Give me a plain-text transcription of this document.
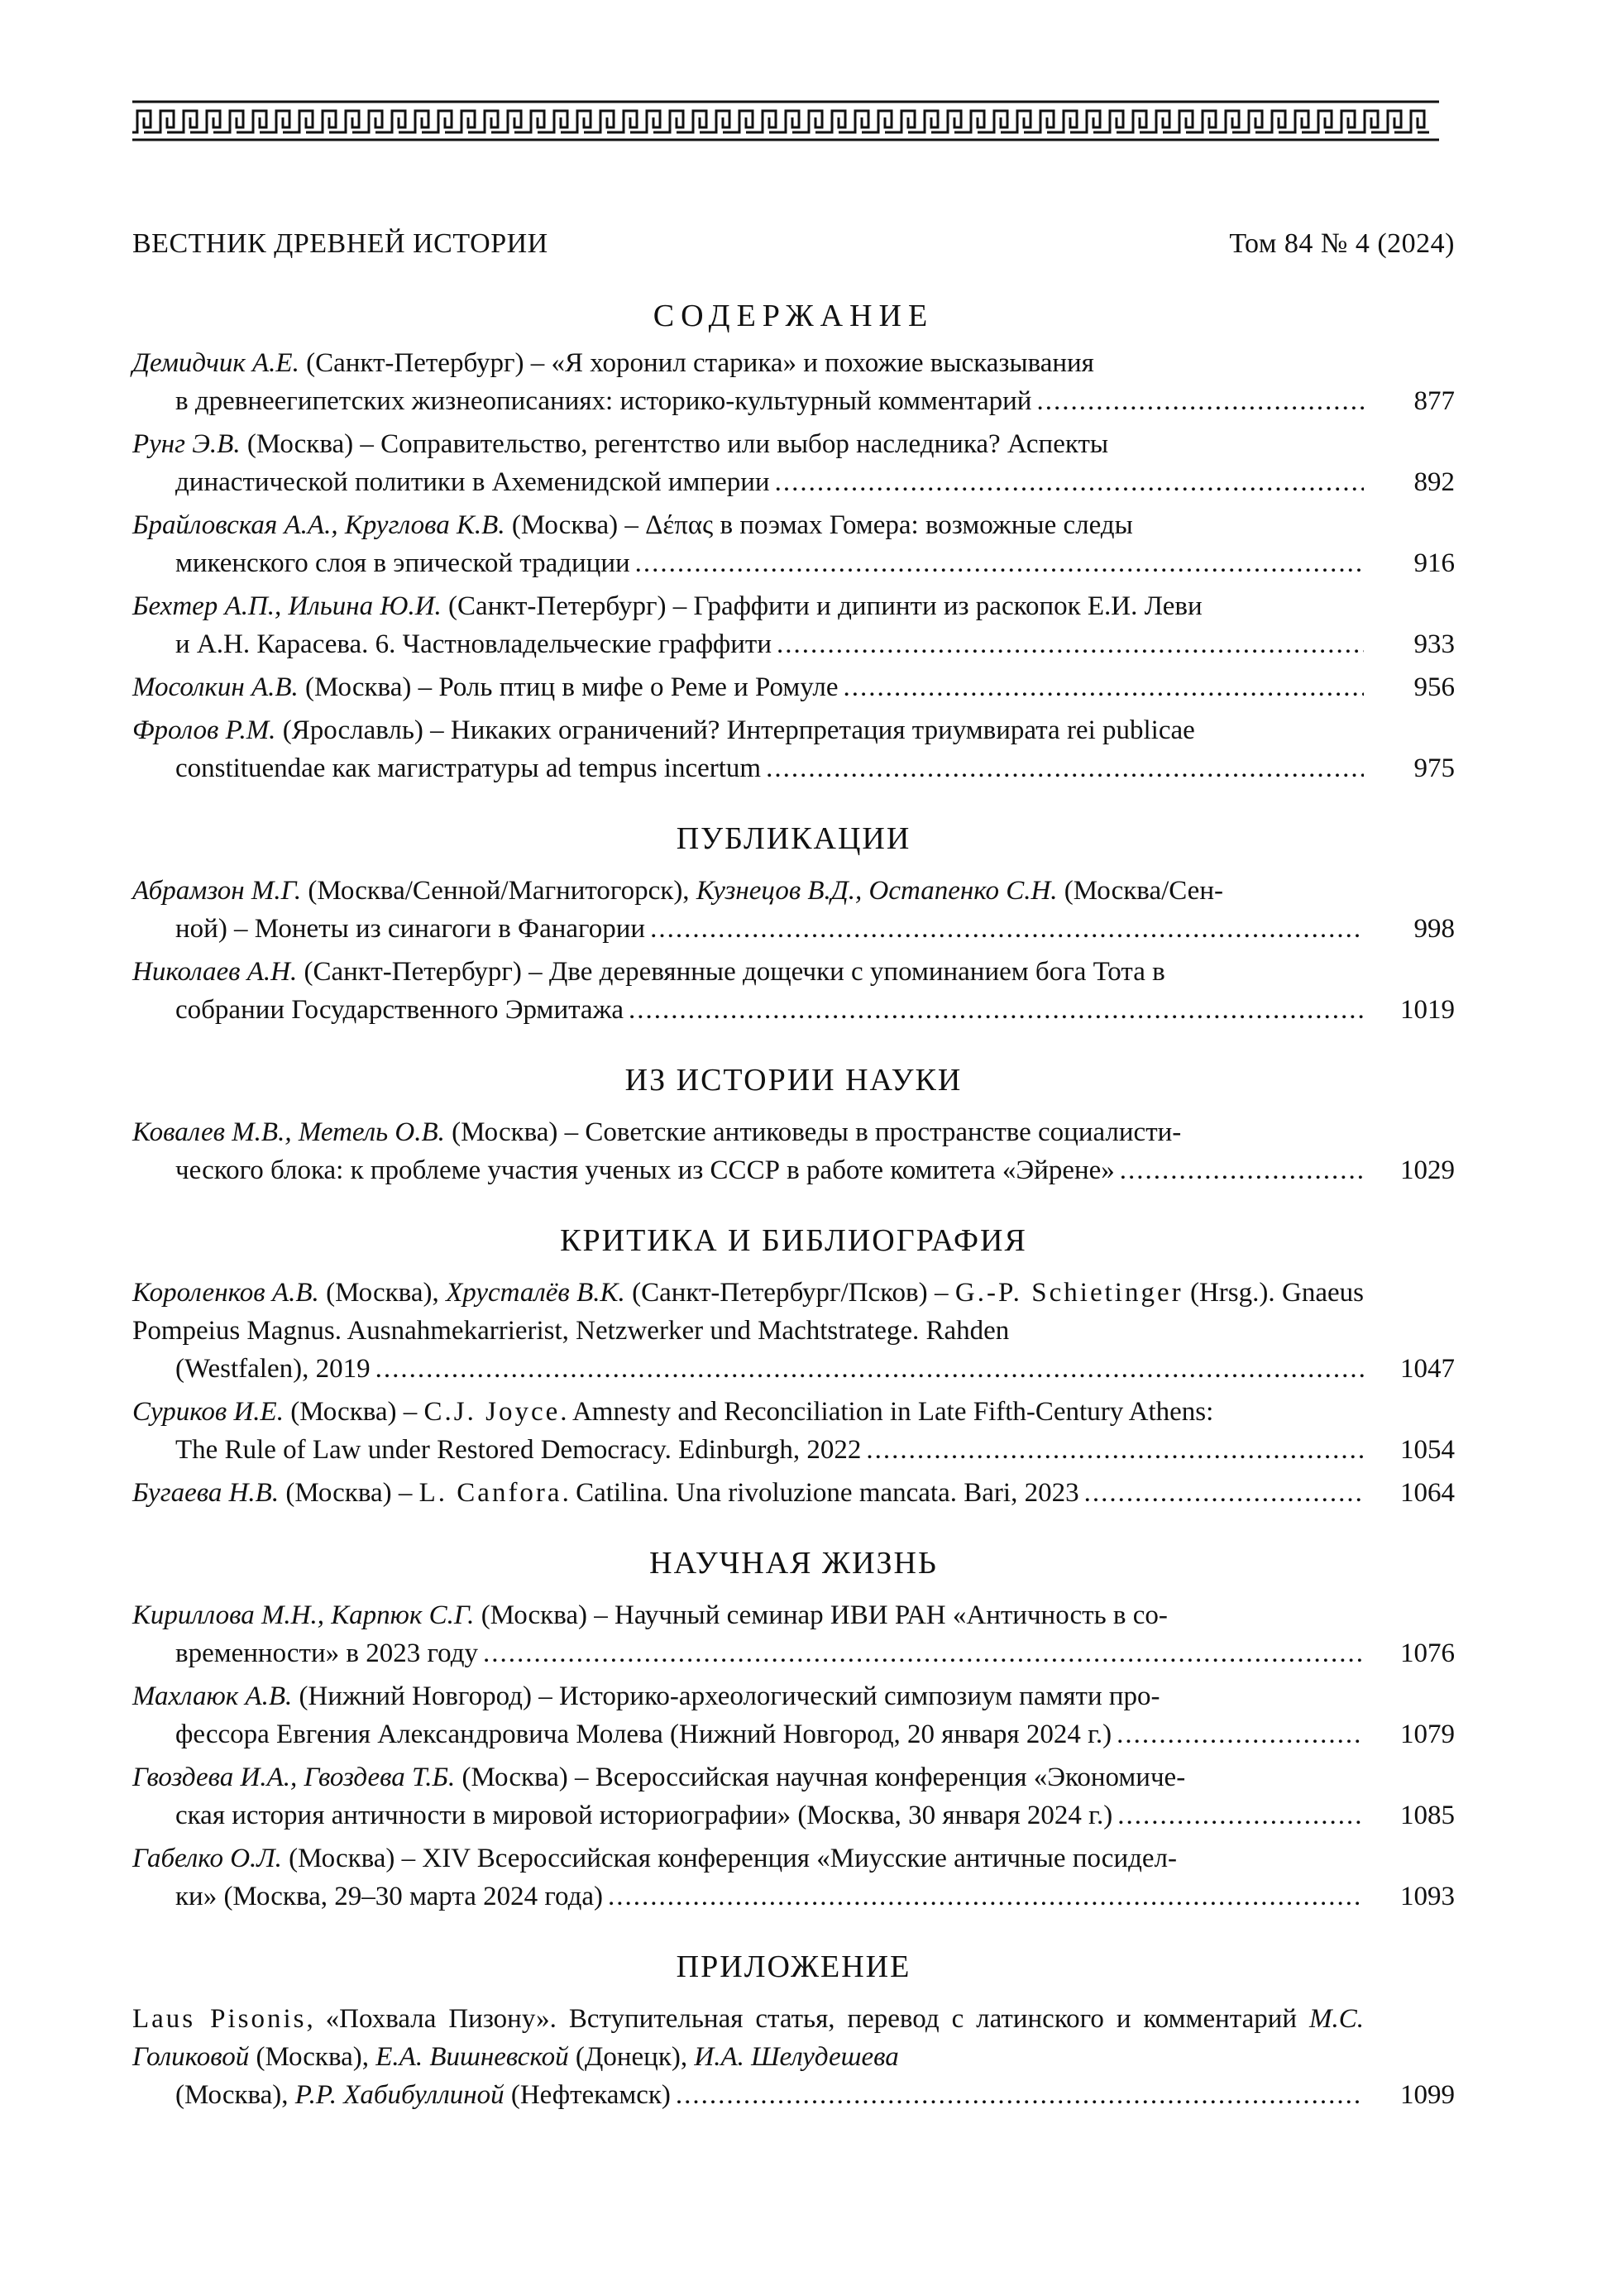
ВЕСТНИК ДРЕВНЕЙ ИСТОРИИ	Том 84 № 4 (2024)
СОДЕРЖАНИЕ
Демидчик А.Е. (Санкт-Петербург) – «Я хоронил старика» и похожие высказывания
в древнеегипетских жизнеописаниях: историко-культурный комментарий .....	877
Рунг Э.В. (Москва) – Соправительство, регентство или выбор наследника? Аспекты
династической политики в Ахеменидской империи .....	892
Брайловская А.А., Круглова К.В. (Москва) – Δέπας в поэмах Гомера: возможные следы
микенского слоя в эпической традиции .....	916
Бехтер А.П., Ильина Ю.И. (Санкт-Петербург) – Граффити и дипинти из раскопок Е.И. Леви
и А.Н. Карасева. 6. Частновладельческие граффити .....	933
Мосолкин А.В. (Москва) – Роль птиц в мифе о Реме и Ромуле .....	956
Фролов Р.М. (Ярославль) – Никаких ограничений? Интерпретация триумвирата rei publicae
constituendae как магистратуры ad tempus incertum .....	975
ПУБЛИКАЦИИ
Абрамзон М.Г. (Москва/Сенной/Магнитогорск), Кузнецов В.Д., Остапенко С.Н. (Москва/Сен-
ной) – Монеты из синагоги в Фанагории .....	998
Николаев А.Н. (Санкт-Петербург) – Две деревянные дощечки с упоминанием бога Тота в
собрании Государственного Эрмитажа .....	1019
ИЗ ИСТОРИИ НАУКИ
Ковалев М.В., Метель О.В. (Москва) – Советские антиковеды в пространстве социалисти-
ческого блока: к проблеме участия ученых из СССР в работе комитета «Эйрене» .....	1029
КРИТИКА И БИБЛИОГРАФИЯ
Короленков А.В. (Москва), Хрусталёв В.К. (Санкт-Петербург/Псков) – G.-P. Schietinger (Hrsg.). Gnaeus Pompeius Magnus. Ausnahmekarrierist, Netzwerker und Machtstratege. Rahden
(Westfalen), 2019 .....	1047
Суриков И.Е. (Москва) – C.J. Joyce. Amnesty and Reconciliation in Late Fifth-Century Athens:
The Rule of Law under Restored Democracy. Edinburgh, 2022 .....	1054
Бугаева Н.В. (Москва) – L. Canfora. Catilina. Una rivoluzione mancata. Bari, 2023 .....	1064
НАУЧНАЯ ЖИЗНЬ
Кириллова М.Н., Карпюк С.Г. (Москва) – Научный семинар ИВИ РАН «Античность в со-
временности» в 2023 году .....	1076
Махлаюк А.В. (Нижний Новгород) – Историко-археологический симпозиум памяти про-
фессора Евгения Александровича Молева (Нижний Новгород, 20 января 2024 г.) .....	1079
Гвоздева И.А., Гвоздева Т.Б. (Москва) – Всероссийская научная конференция «Экономиче-
ская история античности в мировой историографии» (Москва, 30 января 2024 г.) .....	1085
Габелко О.Л. (Москва) – XIV Всероссийская конференция «Миусские античные посидел-
ки» (Москва, 29–30 марта 2024 года) .....	1093
ПРИЛОЖЕНИЕ
Laus Pisonis, «Похвала Пизону». Вступительная статья, перевод с латинского и комментарий М.С. Голиковой (Москва), Е.А. Вишневской (Донецк), И.А. Шелудешева
(Москва), Р.Р. Хабибуллиной (Нефтекамск) .....	1099
